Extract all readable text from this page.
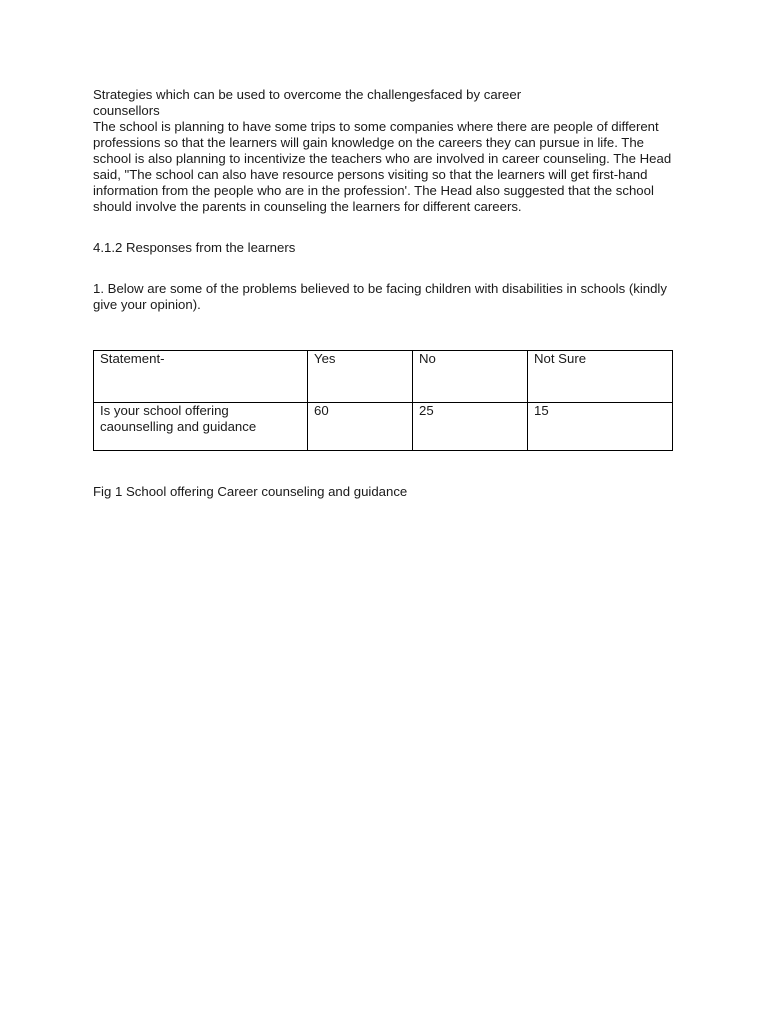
Strategies which can be used to overcome the challengesfaced by career

counsellors

The school is planning to have some trips to some companies where there are people of different professions so that the learners will gain knowledge on the careers they can pursue in life. The school is also planning to incentivize the teachers who are involved in career counseling. The Head said, "The school can also have resource persons visiting so that the learners will get first-hand information from the people who are in the profession'. The Head also suggested that the school should involve the parents in counseling the learners for different careers.

4.1.2 Responses from the learners

1. Below are some of the problems believed to be facing children with disabilities in schools (kindly give your opinion).

Statement-	Yes	No	Not Sure
Is your school offering caounselling and guidance	60	25	15

Fig 1 School offering Career counseling and guidance
